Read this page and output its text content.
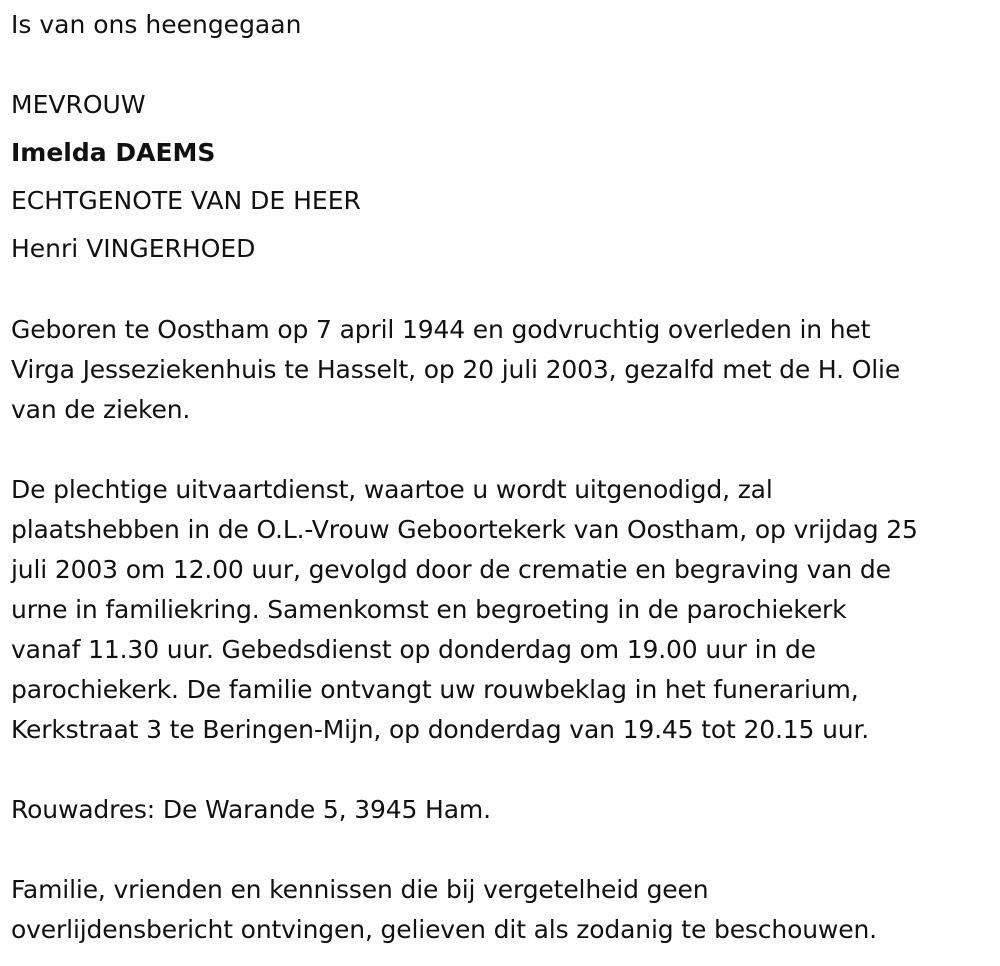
Is van ons heengegaan
MEVROUW
Imelda DAEMS
ECHTGENOTE VAN DE HEER
Henri VINGERHOED
Geboren te Oostham op 7 april 1944 en godvruchtig overleden in het
Virga Jesseziekenhuis te Hasselt, op 20 juli 2003, gezalfd met de H. Olie
van de zieken.
De plechtige uitvaartdienst, waartoe u wordt uitgenodigd, zal
plaatshebben in de O.L.-Vrouw Geboortekerk van Oostham, op vrijdag 25
juli 2003 om 12.00 uur, gevolgd door de crematie en begraving van de
urne in familiekring. Samenkomst en begroeting in de parochiekerk
vanaf 11.30 uur. Gebedsdienst op donderdag om 19.00 uur in de
parochiekerk. De familie ontvangt uw rouwbeklag in het funerarium,
Kerkstraat 3 te Beringen-Mijn, op donderdag van 19.45 tot 20.15 uur.
Rouwadres: De Warande 5, 3945 Ham.
Familie, vrienden en kennissen die bij vergetelheid geen
overlijdensbericht ontvingen, gelieven dit als zodanig te beschouwen.
